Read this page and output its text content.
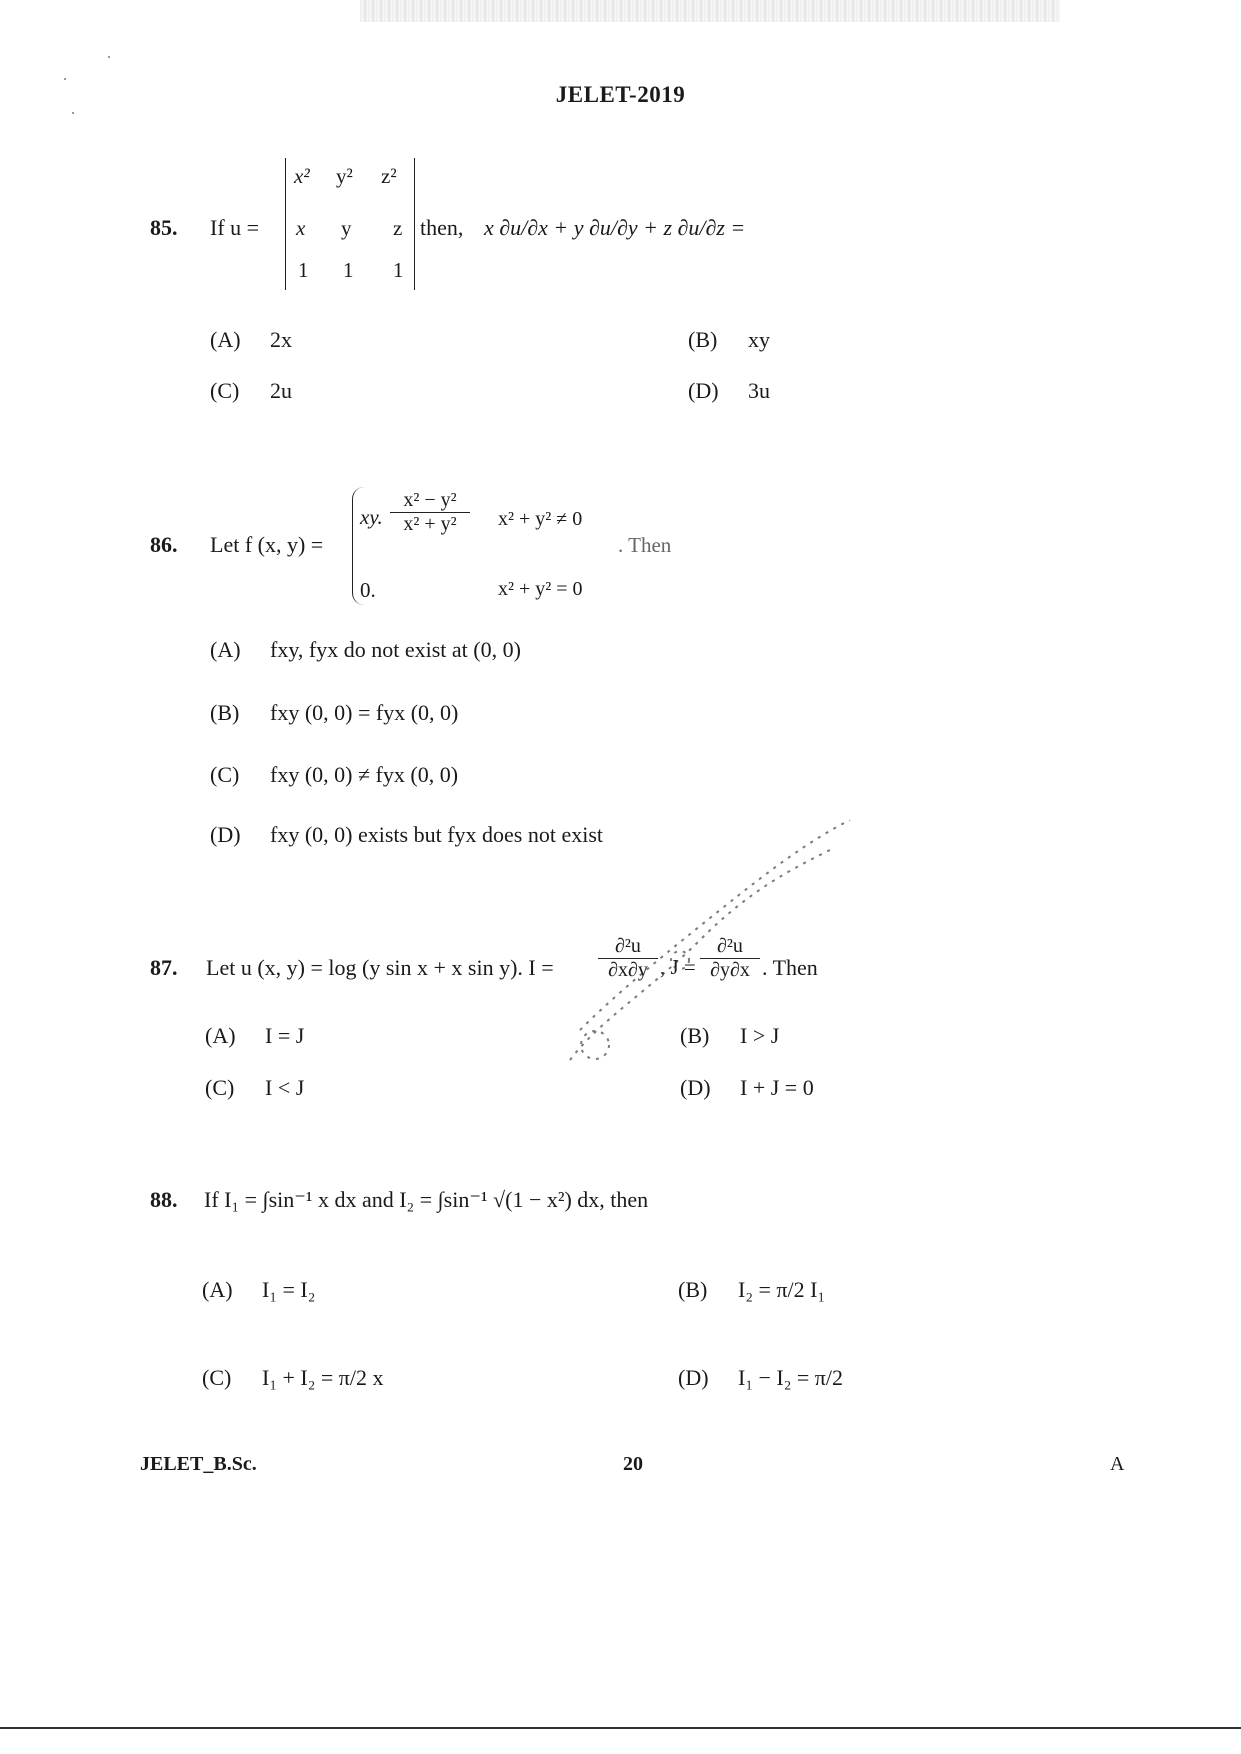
JELET-2019
85. If u =
x² y² z²
x y z
1 1 1
then, x ∂u/∂x + y ∂u/∂y + z ∂u/∂z =
(A) 2x	(B) xy
(C) 2u	(D) 3u
86. Let f (x, y) =
xy. $\frac{\text{x² − y²}}{\text{x² + y²}} x^2 + y^2 \ne 0$
0.	x² + y² = 0
. Then
(A) fxy, fyx do not exist at (0, 0)
(B) fxy (0, 0) = fyx (0, 0)
(C) fxy (0, 0) ≠ fyx (0, 0)
(D) fxy (0, 0) exists but fyx does not exist
87. Let u (x, y) = log (y sin x + x sin y). $I = \frac{\text{∂²u}}{\partial x\partial y}$ , $J = \frac{\text{∂²u}}{\partial y\partial x}$ . Then
(A) I = J	(B) I > J
(C) I < J	(D) I + J = 0
88. If I₁ = ∫sin⁻¹ x dx and I₂ = ∫sin⁻¹ √(1 − x²) dx, then
(A) I₁ = I₂	(B) I₂ = π/2 I₁
(C) I₁ + I₂ = π/2 x	(D) I₁ − I₂ = π/2
JELET_B.Sc.	20	A
